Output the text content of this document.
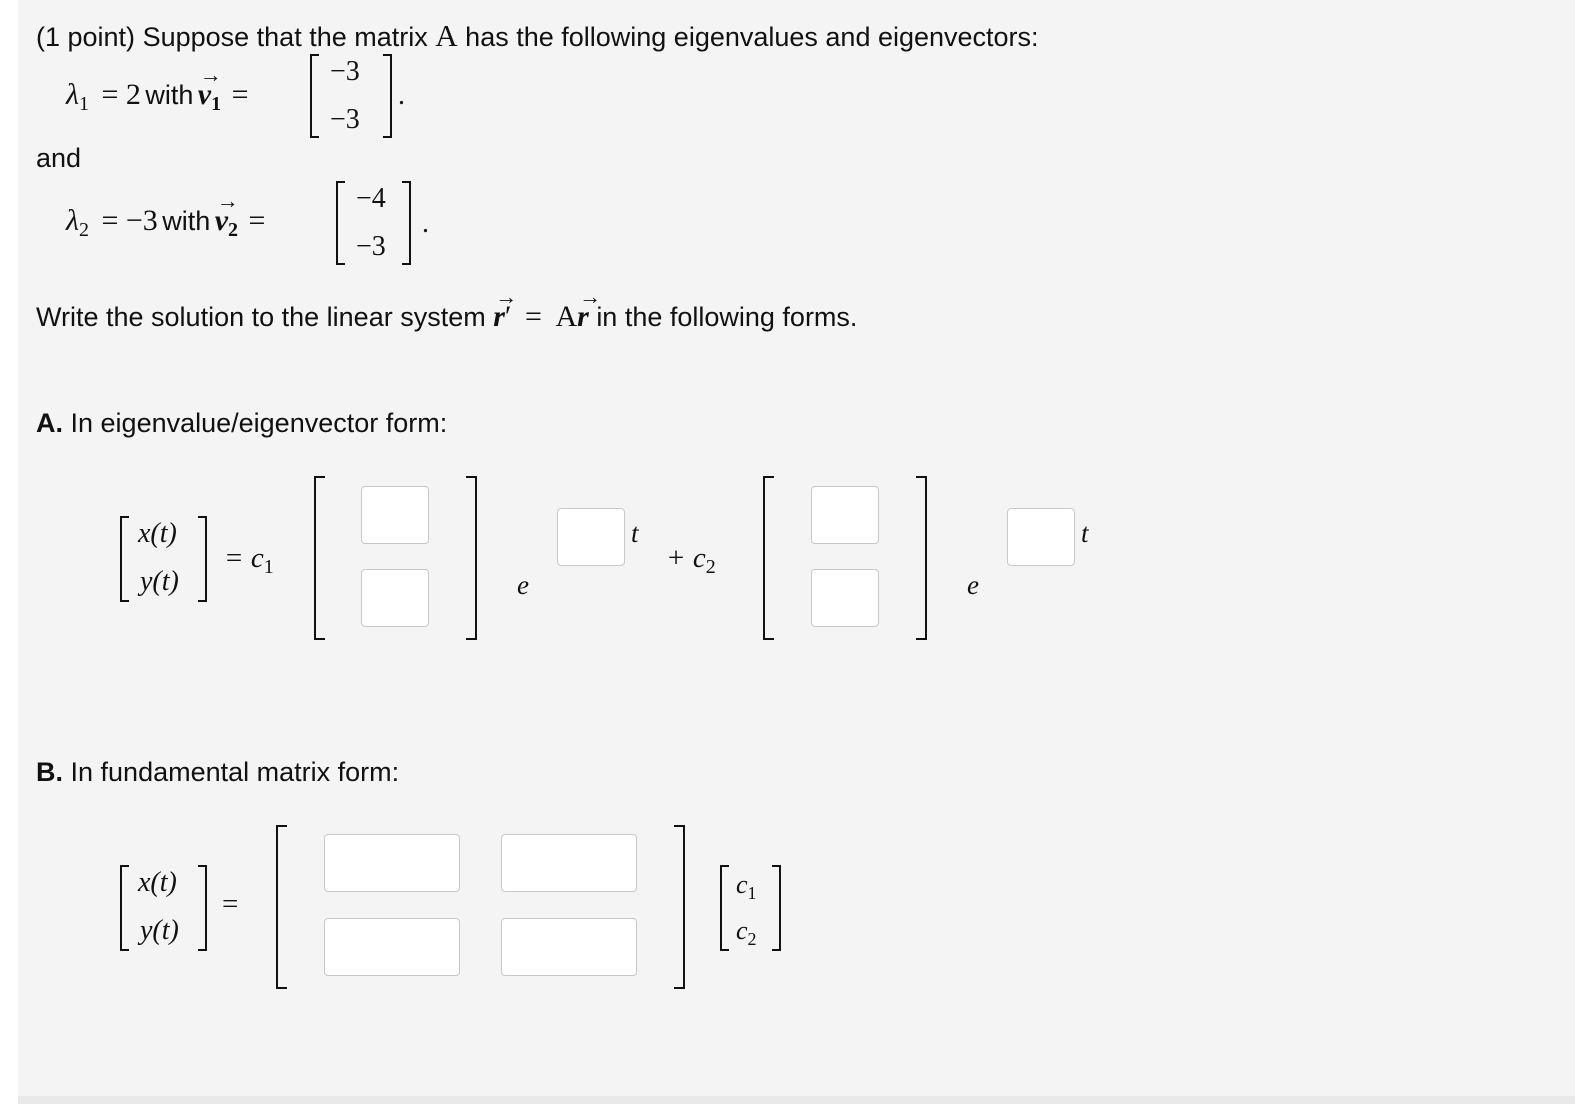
(1 point) Suppose that the matrix A has the following eigenvalues and eigenvectors:
λ1 = 2 with → v1 =
−3
−3
.
and
λ2 = −3 with → v2 =
−4
−3
.
Write the solution to the linear system → r′ = A→ r in the following forms.
A. In eigenvalue/eigenvector form:
x(t)
y(t)
= $c_1$
e
t
+ $c_2$
e
t
B. In fundamental matrix form:
x(t)
y(t)
=
$c_1$
$c_2$
